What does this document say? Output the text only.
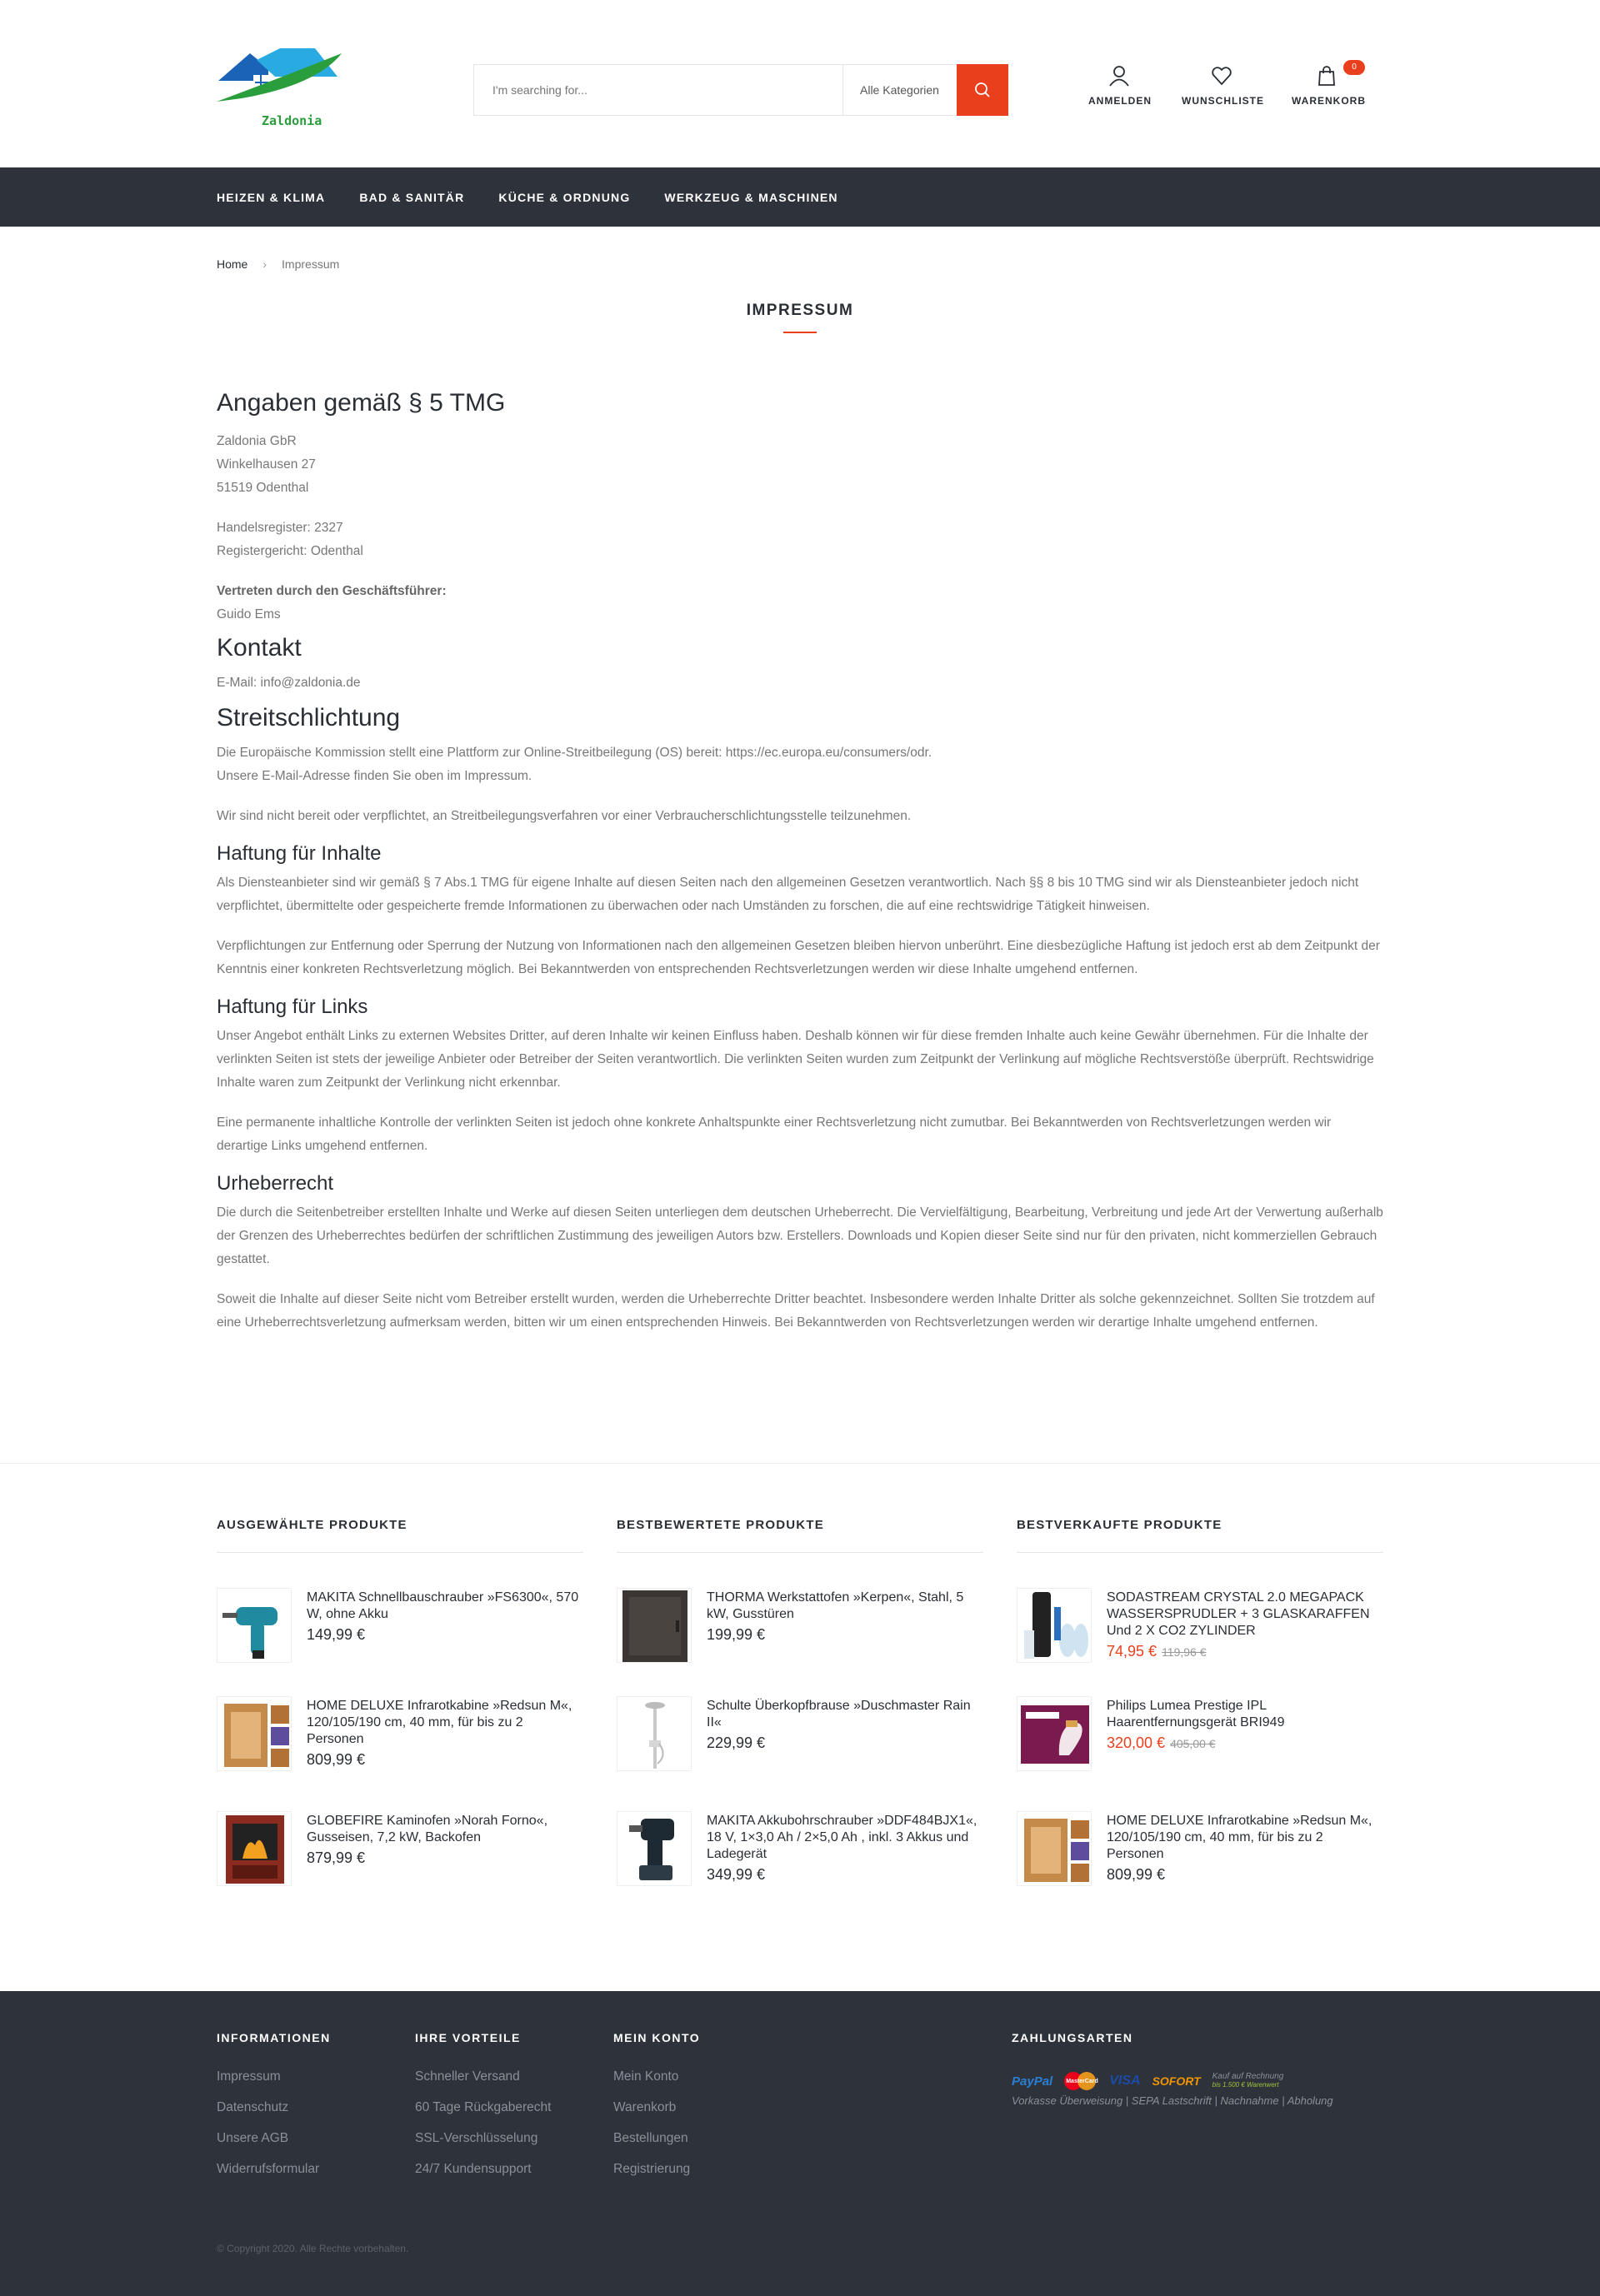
Zaldonia
I'm searching for...
Alle Kategorien
ANMELDEN	WUNSCHLISTE	WARENKORB
0
HEIZEN & KLIMA	BAD & SANITÄR	KÜCHE & ORDNUNG	WERKZEUG & MASCHINEN
Home › Impressum
IMPRESSUM
Angaben gemäß § 5 TMG

Zaldonia GbR
Winkelhausen 27
51519 Odenthal

Handelsregister: 2327
Registergericht: Odenthal

Vertreten durch den Geschäftsführer:
Guido Ems

Kontakt

E-Mail: info@zaldonia.de

Streitschlichtung

Die Europäische Kommission stellt eine Plattform zur Online-Streitbeilegung (OS) bereit: https://ec.europa.eu/consumers/odr.
Unsere E-Mail-Adresse finden Sie oben im Impressum.

Wir sind nicht bereit oder verpflichtet, an Streitbeilegungsverfahren vor einer Verbraucherschlichtungsstelle teilzunehmen.

Haftung für Inhalte

Als Diensteanbieter sind wir gemäß § 7 Abs.1 TMG für eigene Inhalte auf diesen Seiten nach den allgemeinen Gesetzen verantwortlich. Nach §§ 8 bis 10 TMG sind wir als Diensteanbieter jedoch nicht verpflichtet, übermittelte oder gespeicherte fremde Informationen zu überwachen oder nach Umständen zu forschen, die auf eine rechtswidrige Tätigkeit hinweisen.

Verpflichtungen zur Entfernung oder Sperrung der Nutzung von Informationen nach den allgemeinen Gesetzen bleiben hiervon unberührt. Eine diesbezügliche Haftung ist jedoch erst ab dem Zeitpunkt der Kenntnis einer konkreten Rechtsverletzung möglich. Bei Bekanntwerden von entsprechenden Rechtsverletzungen werden wir diese Inhalte umgehend entfernen.

Haftung für Links

Unser Angebot enthält Links zu externen Websites Dritter, auf deren Inhalte wir keinen Einfluss haben. Deshalb können wir für diese fremden Inhalte auch keine Gewähr übernehmen. Für die Inhalte der verlinkten Seiten ist stets der jeweilige Anbieter oder Betreiber der Seiten verantwortlich. Die verlinkten Seiten wurden zum Zeitpunkt der Verlinkung auf mögliche Rechtsverstöße überprüft. Rechtswidrige Inhalte waren zum Zeitpunkt der Verlinkung nicht erkennbar.

Eine permanente inhaltliche Kontrolle der verlinkten Seiten ist jedoch ohne konkrete Anhaltspunkte einer Rechtsverletzung nicht zumutbar. Bei Bekanntwerden von Rechtsverletzungen werden wir derartige Links umgehend entfernen.

Urheberrecht

Die durch die Seitenbetreiber erstellten Inhalte und Werke auf diesen Seiten unterliegen dem deutschen Urheberrecht. Die Vervielfältigung, Bearbeitung, Verbreitung und jede Art der Verwertung außerhalb der Grenzen des Urheberrechtes bedürfen der schriftlichen Zustimmung des jeweiligen Autors bzw. Erstellers. Downloads und Kopien dieser Seite sind nur für den privaten, nicht kommerziellen Gebrauch gestattet.

Soweit die Inhalte auf dieser Seite nicht vom Betreiber erstellt wurden, werden die Urheberrechte Dritter beachtet. Insbesondere werden Inhalte Dritter als solche gekennzeichnet. Sollten Sie trotzdem auf eine Urheberrechtsverletzung aufmerksam werden, bitten wir um einen entsprechenden Hinweis. Bei Bekanntwerden von Rechtsverletzungen werden wir derartige Inhalte umgehend entfernen.

AUSGEWÄHLTE PRODUKTE
MAKITA Schnellbauschrauber »FS6300«, 570 W, ohne Akku
149,99 €
HOME DELUXE Infrarotkabine »Redsun M«, 120/105/190 cm, 40 mm, für bis zu 2 Personen
809,99 €
GLOBEFIRE Kaminofen »Norah Forno«, Gusseisen, 7,2 kW, Backofen
879,99 €
BESTBEWERTETE PRODUKTE
THORMA Werkstattofen »Kerpen«, Stahl, 5 kW, Gusstüren
199,99 €
Schulte Überkopfbrause »Duschmaster Rain II«
229,99 €
MAKITA Akkubohrschrauber »DDF484BJX1«, 18 V, 1×3,0 Ah / 2×5,0 Ah , inkl. 3 Akkus und Ladegerät
349,99 €
BESTVERKAUFTE PRODUKTE
SODASTREAM CRYSTAL 2.0 MEGAPACK WASSERSPRUDLER + 3 GLASKARAFFEN Und 2 X CO2 ZYLINDER
74,95 € 119,96 €
Philips Lumea Prestige IPL Haarentfernungsgerät BRI949
320,00 € 405,00 €
HOME DELUXE Infrarotkabine »Redsun M«, 120/105/190 cm, 40 mm, für bis zu 2 Personen
809,99 €
INFORMATIONEN
Impressum
Datenschutz
Unsere AGB
Widerrufsformular
IHRE VORTEILE
Schneller Versand
60 Tage Rückgaberecht
SSL-Verschlüsselung
24/7 Kundensupport
MEIN KONTO
Mein Konto
Warenkorb
Bestellungen
Registrierung
ZAHLUNGSARTEN
PayPal MasterCard VISA SOFORT Kauf auf Rechnung
bis 1.500 € Warenwert
Vorkasse Überweisung | SEPA Lastschrift | Nachnahme | Abholung
© Copyright 2020. Alle Rechte vorbehalten.
